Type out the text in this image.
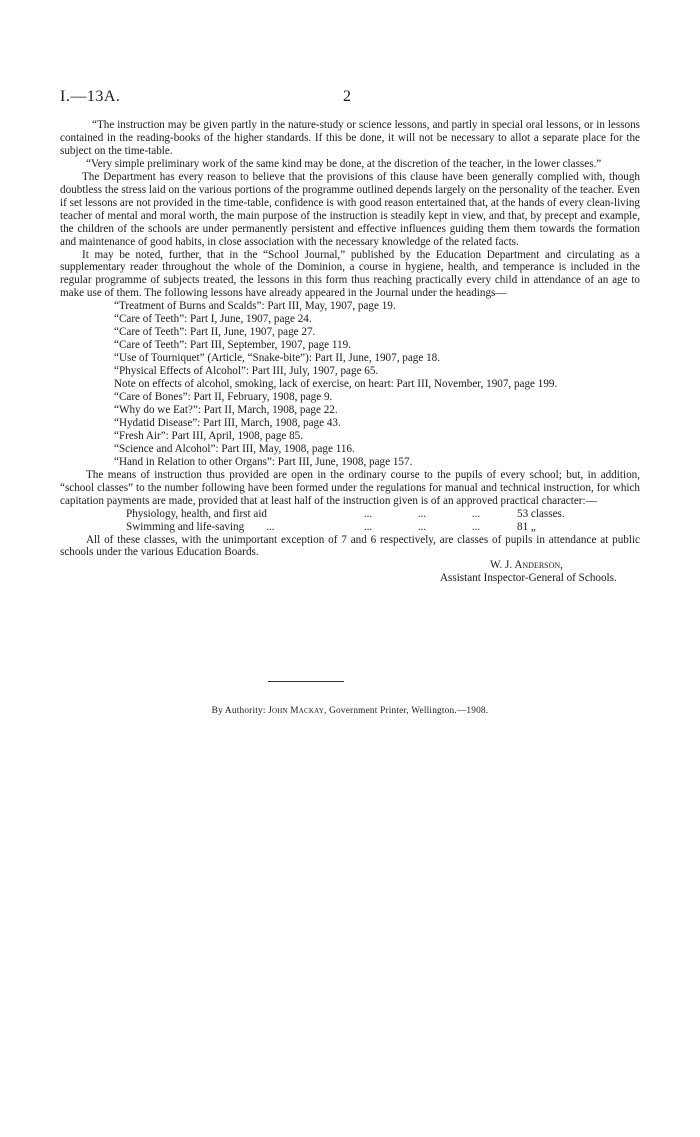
I.—13A.	2

“The instruction may be given partly in the nature-study or science lessons, and partly in special oral lessons, or in lessons contained in the reading-books of the higher standards. If this be done, it will not be necessary to allot a separate place for the subject on the time-table.

“Very simple preliminary work of the same kind may be done, at the discretion of the teacher, in the lower classes.”

The Department has every reason to believe that the provisions of this clause have been generally complied with, though doubtless the stress laid on the various portions of the programme outlined depends largely on the personality of the teacher. Even if set lessons are not provided in the time-table, confidence is with good reason entertained that, at the hands of every clean-living teacher of mental and moral worth, the main purpose of the instruction is steadily kept in view, and that, by precept and example, the children of the schools are under permanently persistent and effective influences guiding them them towards the formation and maintenance of good habits, in close association with the necessary knowledge of the related facts.

It may be noted, further, that in the “School Journal,” published by the Education Department and circulating as a supplementary reader throughout the whole of the Dominion, a course in hygiene, health, and temperance is included in the regular programme of subjects treated, the lessons in this form thus reaching practically every child in attendance of an age to make use of them. The following lessons have already appeared in the Journal under the headings—

“Treatment of Burns and Scalds”: Part III, May, 1907, page 19.
“Care of Teeth”: Part I, June, 1907, page 24.
“Care of Teeth”: Part II, June, 1907, page 27.
“Care of Teeth”: Part III, September, 1907, page 119.
“Use of Tourniquet” (Article, “Snake-bite”): Part II, June, 1907, page 18.
“Physical Effects of Alcohol”: Part III, July, 1907, page 65.
Note on effects of alcohol, smoking, lack of exercise, on heart: Part III, November, 1907, page 199.
“Care of Bones”: Part II, February, 1908, page 9.
“Why do we Eat?”: Part II, March, 1908, page 22.
“Hydatid Disease”: Part III, March, 1908, page 43.
“Fresh Air”: Part III, April, 1908, page 85.
“Science and Alcohol”: Part III, May, 1908, page 116.
“Hand in Relation to other Organs”: Part III, June, 1908, page 157.

The means of instruction thus provided are open in the ordinary course to the pupils of every school; but, in addition, “school classes” to the number following have been formed under the regulations for manual and technical instruction, for which capitation payments are made, provided that at least half of the instruction given is of an approved practical character:—

Physiology, health, and first aid	...	...	...	53 classes.
Swimming and life-saving ...	...	...	...	81 „

All of these classes, with the unimportant exception of 7 and 6 respectively, are classes of pupils in attendance at public schools under the various Education Boards.

W. J. Anderson,
Assistant Inspector-General of Schools.
By Authority: John Mackay, Government Printer, Wellington.—1908.
